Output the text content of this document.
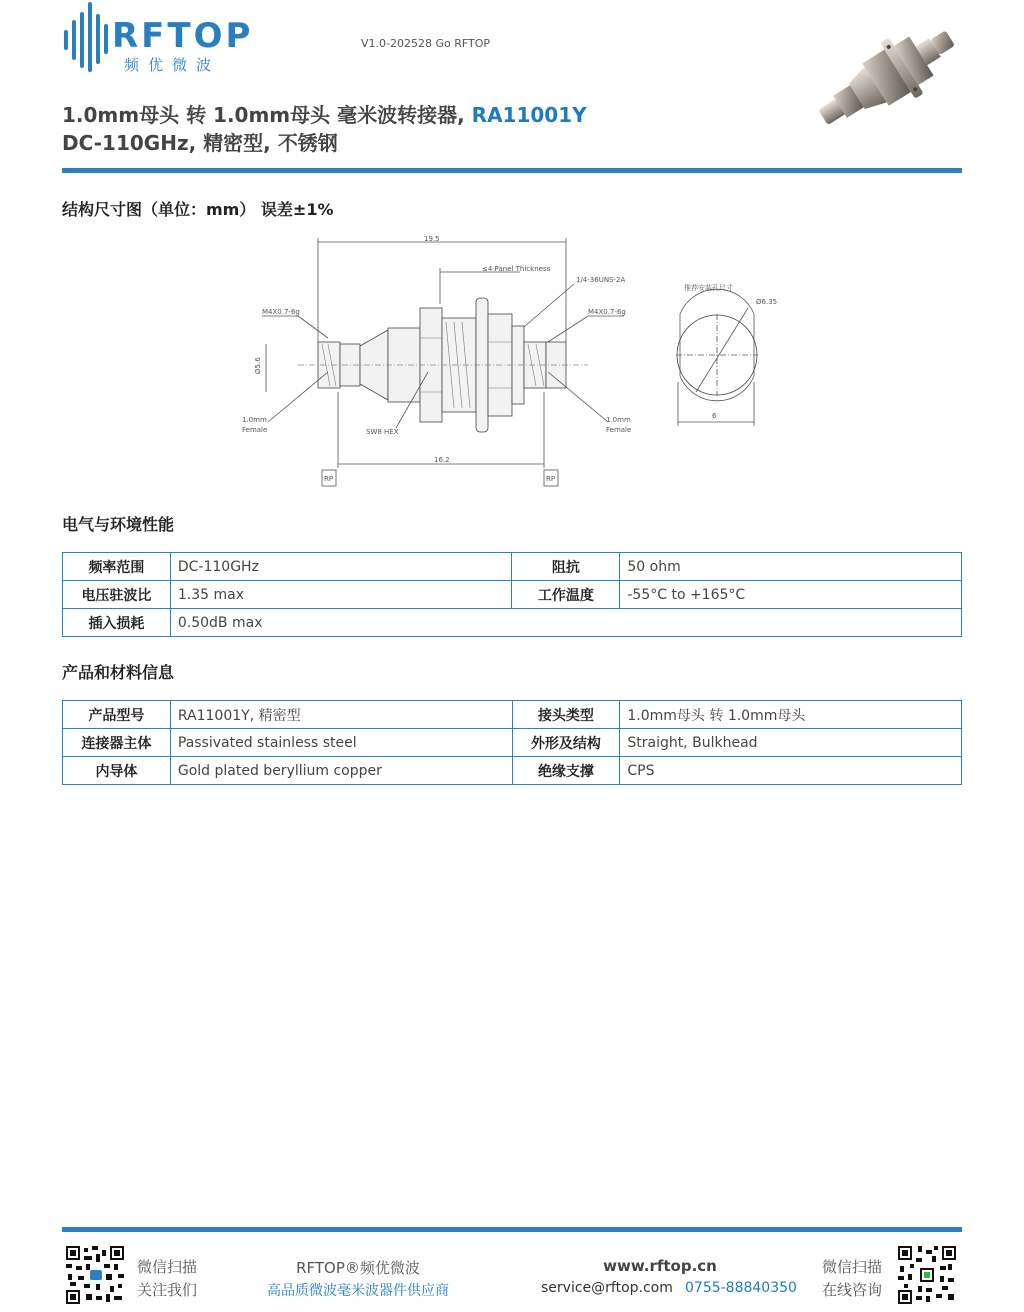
RFTOP
频优微波
V1.0-202528 Go RFTOP
1.0mm母头 转 1.0mm母头 毫米波转接器, RA11001Y
DC-110GHz, 精密型, 不锈钢
结构尺寸图（单位：mm） 误差±1%
19.5
≤4 Panel Thickness
1/4-36UNS-2A
M4X0.7-6g	M4X0.7-6g
Ø5.6
1.0mm
Female
1.0mm
Female
SW8 HEX
16.2
RP	RP
推荐安装孔尺寸
Ø6.35
6
电气与环境性能
频率范围	DC-110GHz	阻抗	50 ohm
电压驻波比	1.35 max	工作温度	-55°C to +165°C
插入损耗	0.50dB max		
产品和材料信息
产品型号	RA11001Y, 精密型	接头类型	1.0mm母头 转 1.0mm母头
连接器主体	Passivated stainless steel	外形及结构	Straight, Bulkhead
内导体	Gold plated beryllium copper	绝缘支撑	CPS
微信扫描
关注我们
RFTOP®频优微波
高品质微波毫米波器件供应商
www.rftop.cn
service@rftop.com 0755-88840350
微信扫描
在线咨询
